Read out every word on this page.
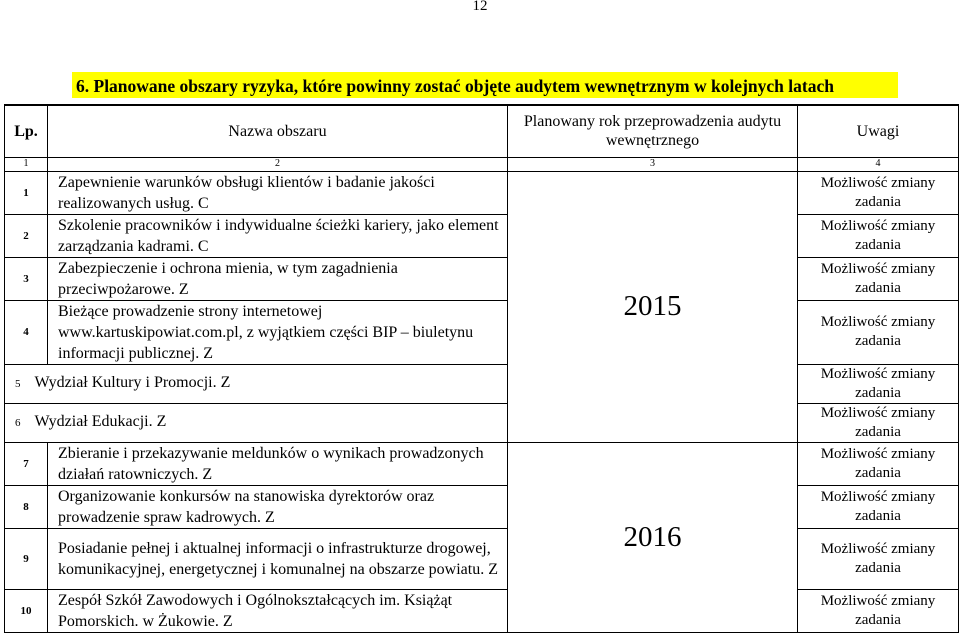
12
6. Planowane obszary ryzyka, które powinny zostać objęte audytem wewnętrznym w kolejnych latach
Lp.	Nazwa obszaru	Planowany rok przeprowadzenia audytu wewnętrznego	Uwagi
1	2	3	4
1	Zapewnienie warunków obsługi klientów i badanie jakości realizowanych usług. C	2015	Możliwość zmiany zadania
2	Szkolenie pracowników i indywidualne ścieżki kariery, jako element zarządzania kadrami. C		Możliwość zmiany zadania
3	Zabezpieczenie i ochrona mienia, w tym zagadnienia przeciwpożarowe. Z		Możliwość zmiany zadania
4	Bieżące prowadzenie strony internetowej www.kartuskipowiat.com.pl, z wyjątkiem części BIP – biuletynu informacji publicznej. Z		Możliwość zmiany zadania
5 Wydział Kultury i Promocji. Z			Możliwość zmiany zadania
6 Wydział Edukacji. Z			Możliwość zmiany zadania
7	Zbieranie i przekazywanie meldunków o wynikach prowadzonych działań ratowniczych. Z	2016	Możliwość zmiany zadania
8	Organizowanie konkursów na stanowiska dyrektorów oraz prowadzenie spraw kadrowych. Z		Możliwość zmiany zadania
9	Posiadanie pełnej i aktualnej informacji o infrastrukturze drogowej, komunikacyjnej, energetycznej i komunalnej na obszarze powiatu. Z		Możliwość zmiany zadania
10	Zespół Szkół Zawodowych i Ogólnokształcących im. Książąt Pomorskich. w Żukowie. Z		Możliwość zmiany zadania
